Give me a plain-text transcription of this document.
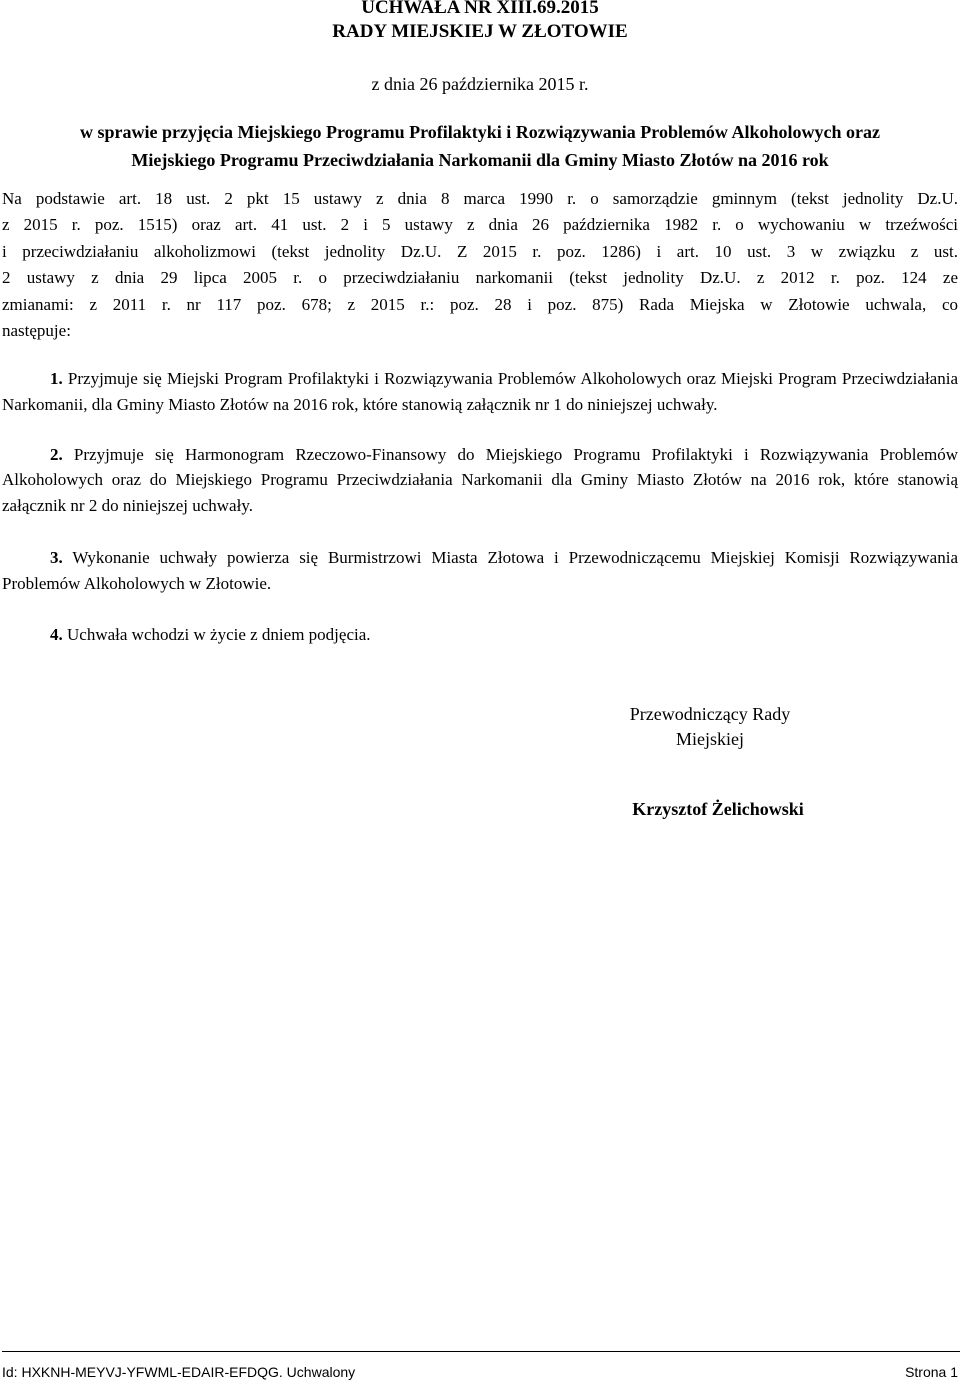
UCHWAŁA NR XIII.69.2015
RADY MIEJSKIEJ W ZŁOTOWIE
z dnia 26 października 2015 r.
w sprawie przyjęcia Miejskiego Programu Profilaktyki i Rozwiązywania Problemów Alkoholowych oraz
Miejskiego Programu Przeciwdziałania Narkomanii dla Gminy Miasto Złotów na 2016 rok
Na podstawie art. 18 ust. 2 pkt 15 ustawy z dnia 8 marca 1990 r. o samorządzie gminnym (tekst jednolity Dz.U.
z 2015 r. poz. 1515) oraz art. 41 ust. 2 i 5 ustawy z dnia 26 października 1982 r. o wychowaniu w trzeźwości
i przeciwdziałaniu alkoholizmowi (tekst jednolity Dz.U. Z 2015 r. poz. 1286) i art. 10 ust. 3 w związku z ust.
2 ustawy z dnia 29 lipca 2005 r. o przeciwdziałaniu narkomanii (tekst jednolity Dz.U. z 2012 r. poz. 124 ze
zmianami: z 2011 r. nr 117 poz. 678; z 2015 r.: poz. 28 i poz. 875) Rada Miejska w Złotowie uchwala, co
następuje:

1. Przyjmuje się Miejski Program Profilaktyki i Rozwiązywania Problemów Alkoholowych oraz Miejski Program Przeciwdziałania Narkomanii, dla Gminy Miasto Złotów na 2016 rok, które stanowią załącznik nr 1 do niniejszej uchwały.

2. Przyjmuje się Harmonogram Rzeczowo-Finansowy do Miejskiego Programu Profilaktyki i Rozwiązywania Problemów Alkoholowych oraz do Miejskiego Programu Przeciwdziałania Narkomanii dla Gminy Miasto Złotów na 2016 rok, które stanowią załącznik nr 2 do niniejszej uchwały.

3. Wykonanie uchwały powierza się Burmistrzowi Miasta Złotowa i Przewodniczącemu Miejskiej Komisji Rozwiązywania Problemów Alkoholowych w Złotowie.

4. Uchwała wchodzi w życie z dniem podjęcia.

Przewodniczący Rady
Miejskiej
Krzysztof Żelichowski
Id: HXKNH-MEYVJ-YFWML-EDAIR-EFDQG. Uchwalony	Strona 1
